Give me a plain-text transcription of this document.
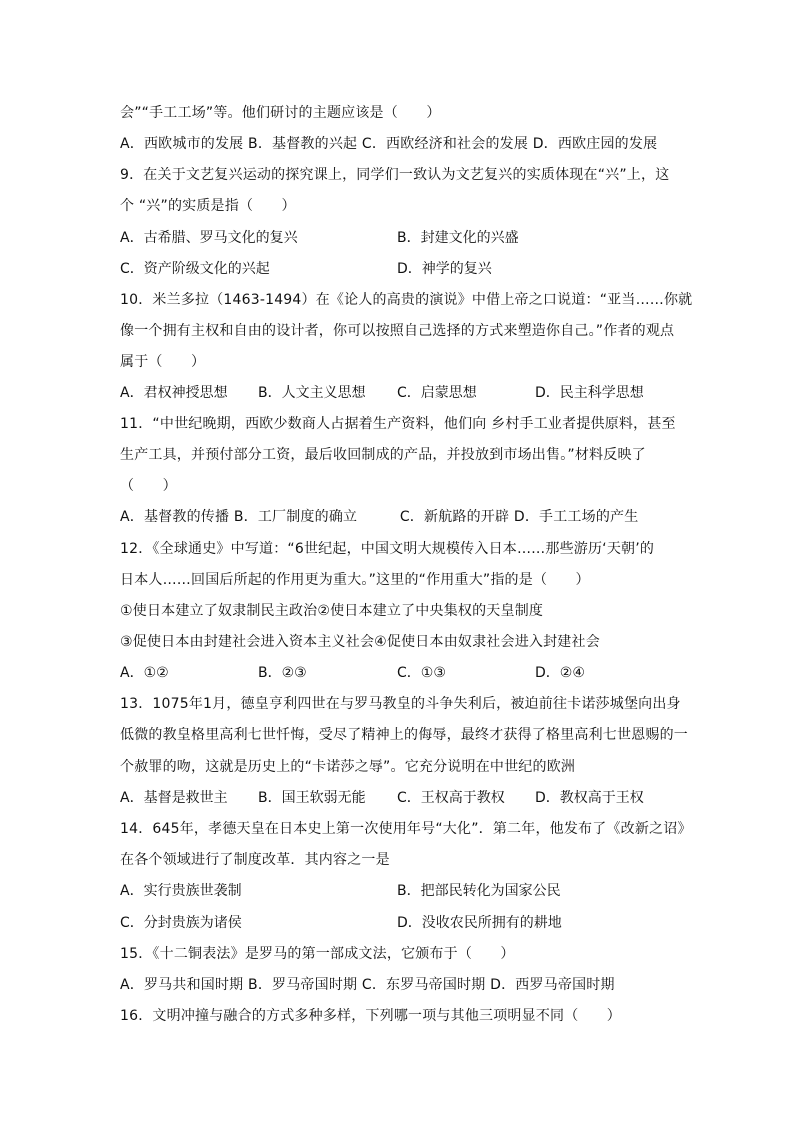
会”“手工工场”等。他们研讨的主题应该是（　　）
A．西欧城市的发展 B．基督教的兴起 C．西欧经济和社会的发展 D．西欧庄园的发展
9．在关于文艺复兴运动的探究课上，同学们一致认为文艺复兴的实质体现在“兴”上，这
个 “兴”的实质是指（　　）
A．古希腊、罗马文化的复兴	B．封建文化的兴盛
C．资产阶级文化的兴起	D．神学的复兴
10．米兰多拉（1463-1494）在《论人的高贵的演说》中借上帝之口说道：“亚当……你就
像一个拥有主权和自由的设计者，你可以按照自己选择的方式来塑造你自己。”作者的观点
属于（　　）
A．君权神授思想 B．人文主义思想 C．启蒙思想	D．民主科学思想
11．“中世纪晚期，西欧少数商人占据着生产资料，他们向 乡村手工业者提供原料，甚至
生产工具，并预付部分工资，最后收回制成的产品，并投放到市场出售。”材料反映了
（　　）
A．基督教的传播 B．工厂制度的确立　　　C．新航路的开辟 D．手工工场的产生
12．《全球通史》中写道：“6世纪起，中国文明大规模传入日本……那些游历‘天朝’的
日本人……回国后所起的作用更为重大。”这里的“作用重大”指的是（　　）
①使日本建立了奴隶制民主政治②使日本建立了中央集权的天皇制度
③促使日本由封建社会进入资本主义社会④促使日本由奴隶社会进入封建社会
A．①②	B．②③	C．①③	D．②④
13．1075年1月，德皇亨利四世在与罗马教皇的斗争失利后，被迫前往卡诺莎城堡向出身
低微的教皇格里高利七世忏悔，受尽了精神上的侮辱，最终才获得了格里高利七世恩赐的一
个赦罪的吻，这就是历史上的“卡诺莎之辱”。它充分说明在中世纪的欧洲
A．基督是救世主 B．国王软弱无能 C．王权高于教权 D．教权高于王权
14．645年，孝德天皇在日本史上第一次使用年号“大化”．第二年，他发布了《改新之诏》
在各个领域进行了制度改革．其内容之一是
A．实行贵族世袭制	B．把部民转化为国家公民
C．分封贵族为诸侯	D．没收农民所拥有的耕地
15．《十二铜表法》是罗马的第一部成文法，它颁布于（　　）
A．罗马共和国时期 B．罗马帝国时期 C．东罗马帝国时期 D．西罗马帝国时期
16．文明冲撞与融合的方式多种多样，下列哪一项与其他三项明显不同（　　）
